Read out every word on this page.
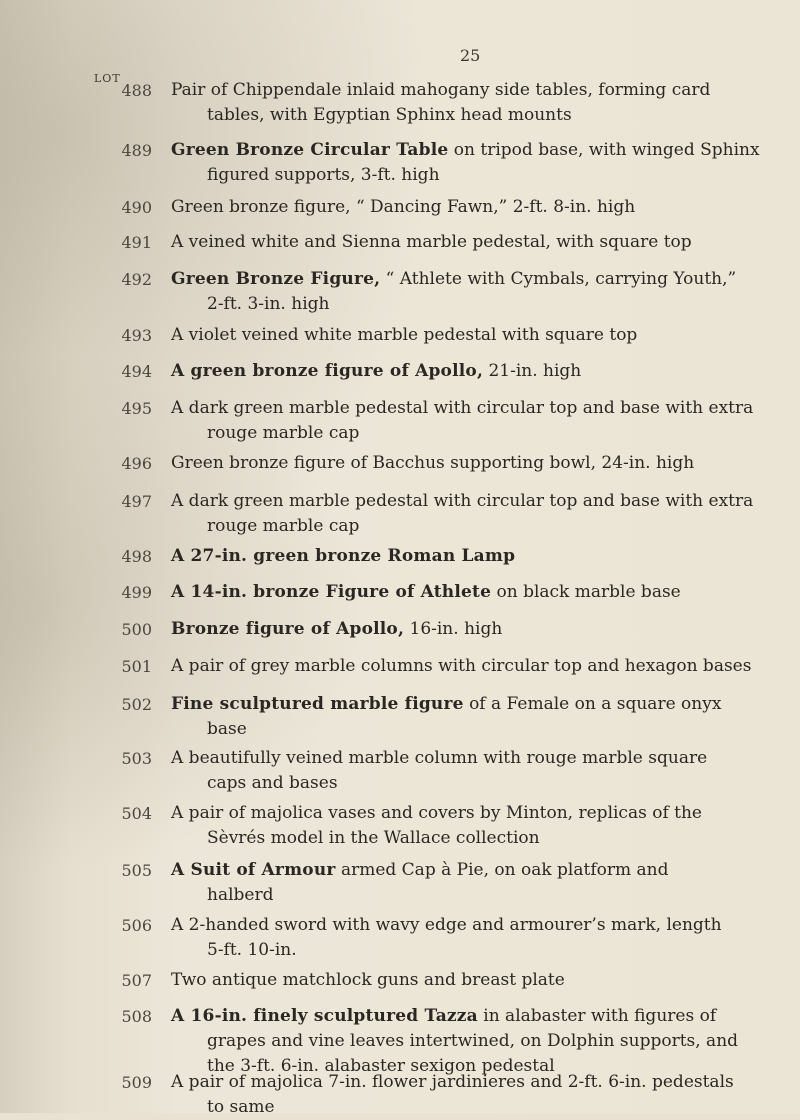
25
LOT
488 Pair of Chippendale inlaid mahogany side tables, forming card
tables, with Egyptian Sphinx head mounts
489 Green Bronze Circular Table on tripod base, with winged Sphinx
figured supports, 3-ft. high
490 Green bronze figure, “ Dancing Fawn,” 2-ft. 8-in. high
491 A veined white and Sienna marble pedestal, with square top
492 Green Bronze Figure, “ Athlete with Cymbals, carrying Youth,”
2-ft. 3-in. high
493 A violet veined white marble pedestal with square top
494 A green bronze figure of Apollo, 21-in. high
495 A dark green marble pedestal with circular top and base with extra
rouge marble cap
496 Green bronze figure of Bacchus supporting bowl, 24-in. high
497 A dark green marble pedestal with circular top and base with extra
rouge marble cap
498 A 27-in. green bronze Roman Lamp
499 A 14-in. bronze Figure of Athlete on black marble base
500 Bronze figure of Apollo, 16-in. high
501 A pair of grey marble columns with circular top and hexagon bases
502 Fine sculptured marble figure of a Female on a square onyx
base
503 A beautifully veined marble column with rouge marble square
caps and bases
504 A pair of majolica vases and covers by Minton, replicas of the
Sèvrés model in the Wallace collection
505 A Suit of Armour armed Cap à Pie, on oak platform and
halberd
506 A 2-handed sword with wavy edge and armourer’s mark, length
5-ft. 10-in.
507 Two antique matchlock guns and breast plate
508 A 16-in. finely sculptured Tazza in alabaster with figures of
grapes and vine leaves intertwined, on Dolphin supports, and
the 3-ft. 6-in. alabaster sexigon pedestal
509 A pair of majolica 7-in. flower jardinieres and 2-ft. 6-in. pedestals
to same
